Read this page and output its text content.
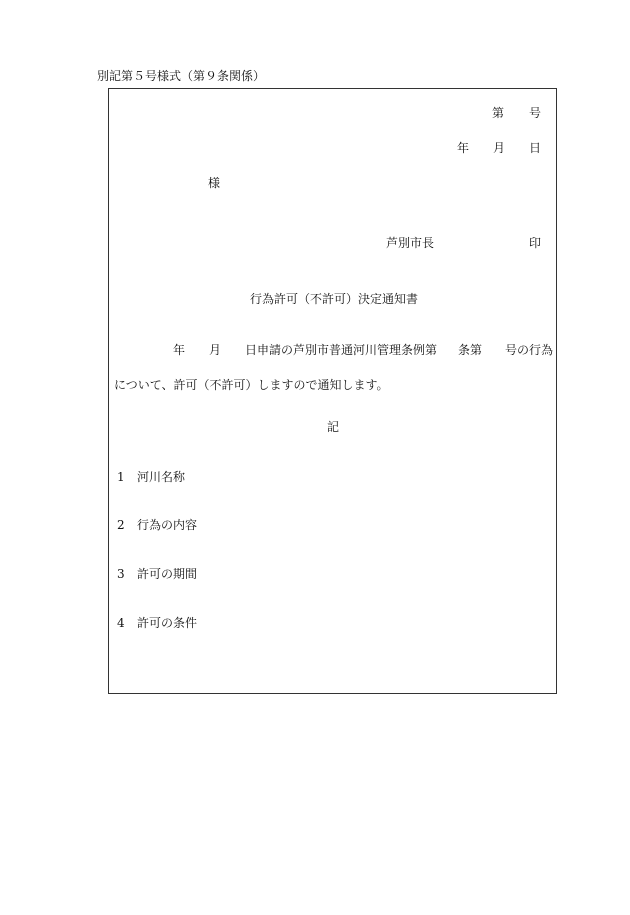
別記第５号様式（第９条関係）
第 号
年 月 日
様
芦別市長	印
行為許可（不許可）決定通知書
年 月 日申請の芦別市普通河川管理条例第 条第 号の行為
について、許可（不許可）しますので通知します。
記
1 河川名称
2 行為の内容
3 許可の期間
4 許可の条件
